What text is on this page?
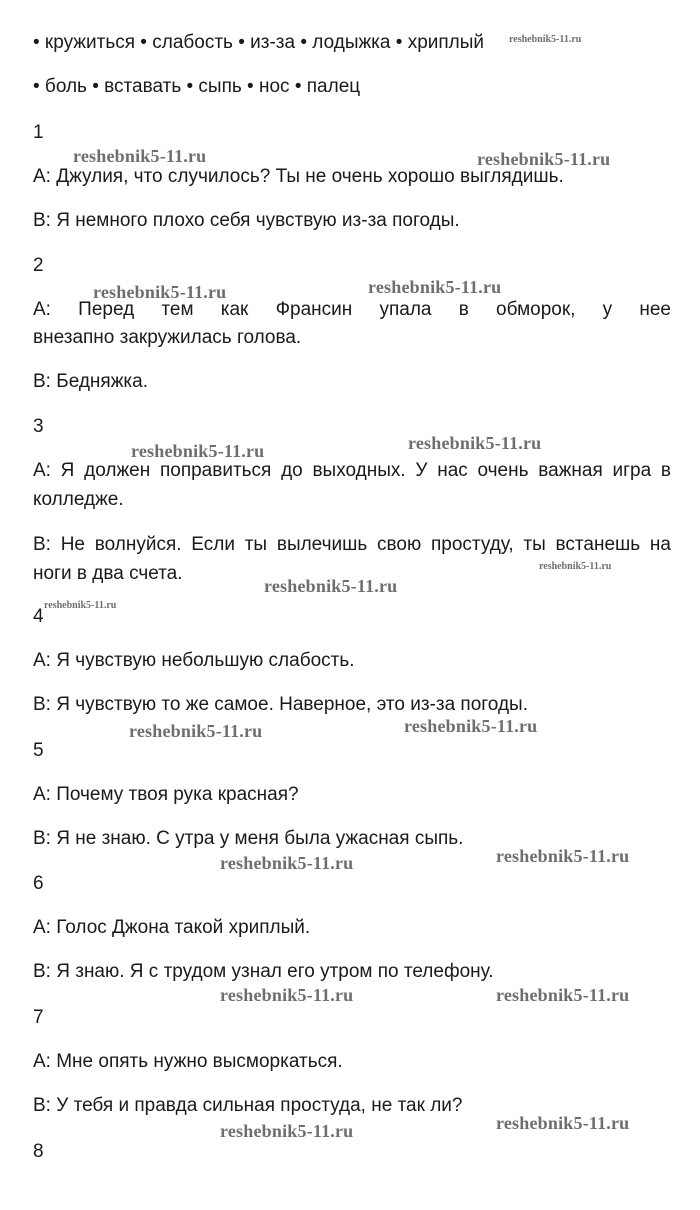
• кружиться • слабость • из-за • лодыжка • хриплый reshebnik5-11.ru
• боль • вставать • сыпь • нос • палец
1
reshebnik5-11.ru	reshebnik5-11.ru
A: Джулия, что случилось? Ты не очень хорошо выглядишь.
B: Я немного плохо себя чувствую из-за погоды.
2
reshebnik5-11.ru	reshebnik5-11.ru
A: Перед тем как Франсин упала в обморок, у нее
внезапно закружилась голова.
B: Бедняжка.
3
reshebnik5-11.ru	reshebnik5-11.ru
A: Я должен поправиться до выходных. У нас очень важная игра в
колледже.
B: Не волнуйся. Если ты вылечишь свою простуду, ты встанешь на
ноги в два счета.	reshebnik5-11.ru
reshebnik5-11.ru
4
reshebnik5-11.ru
A: Я чувствую небольшую слабость.
B: Я чувствую то же самое. Наверное, это из-за погоды.
reshebnik5-11.ru
reshebnik5-11.ru
5
A: Почему твоя рука красная?
B: Я не знаю. С утра у меня была ужасная сыпь.
reshebnik5-11.ru
reshebnik5-11.ru
6
A: Голос Джона такой хриплый.
B: Я знаю. Я с трудом узнал его утром по телефону.
reshebnik5-11.ru	reshebnik5-11.ru
7
A: Мне опять нужно высморкаться.
B: У тебя и правда сильная простуда, не так ли?
reshebnik5-11.ru
reshebnik5-11.ru
8
